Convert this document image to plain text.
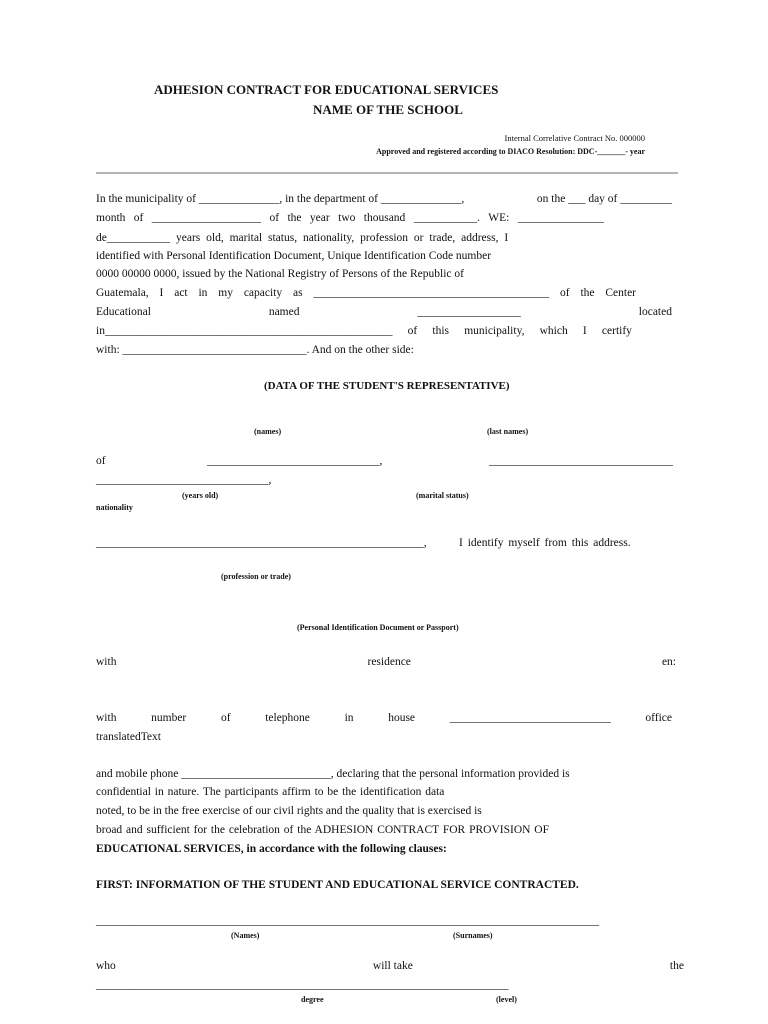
ADHESION CONTRACT FOR EDUCATIONAL SERVICES
NAME OF THE SCHOOL
Internal Correlative Contract No. 000000
Approved and registered according to DIACO Resolution: DDC-_______- year
In the municipality of ______________, in the department of ______________,	on the ___ day of _________
month of ___________________ of the year two thousand ___________. WE: _______________
de___________ years old, marital status, nationality, profession or trade, address, I
identified with Personal Identification Document, Unique Identification Code number
0000 00000 0000, issued by the National Registry of Persons of the Republic of
Guatemala, I act in my capacity as _________________________________________ of the Center
Educational	named	__________________	located
in__________________________________________________ of this municipality, which I certify
with: ________________________________. And on the other side:
(DATA OF THE STUDENT'S REPRESENTATIVE)
(names)	(last names)
of	______________________________,	________________________________
______________________________,
(years old)	(marital status)
nationality
_________________________________________________________,	I identify myself from this address.
(profession or trade)
(Personal Identification Document or Passport)
with	residence	en:
with	number	of	telephone	in	house	____________________________	office
translatedText
and mobile phone __________________________, declaring that the personal information provided is
confidential in nature. The participants affirm to be the identification data
noted, to be in the free exercise of our civil rights and the quality that is exercised is
broad and sufficient for the celebration of the ADHESION CONTRACT FOR PROVISION OF
EDUCATIONAL SERVICES, in accordance with the following clauses:
FIRST: INFORMATION OF THE STUDENT AND EDUCATIONAL SERVICE CONTRACTED.
_________________________________________________________________________________________
(Names)	(Surnames)
who	will take	the
_________________________________________________________________________
degree	(level)
